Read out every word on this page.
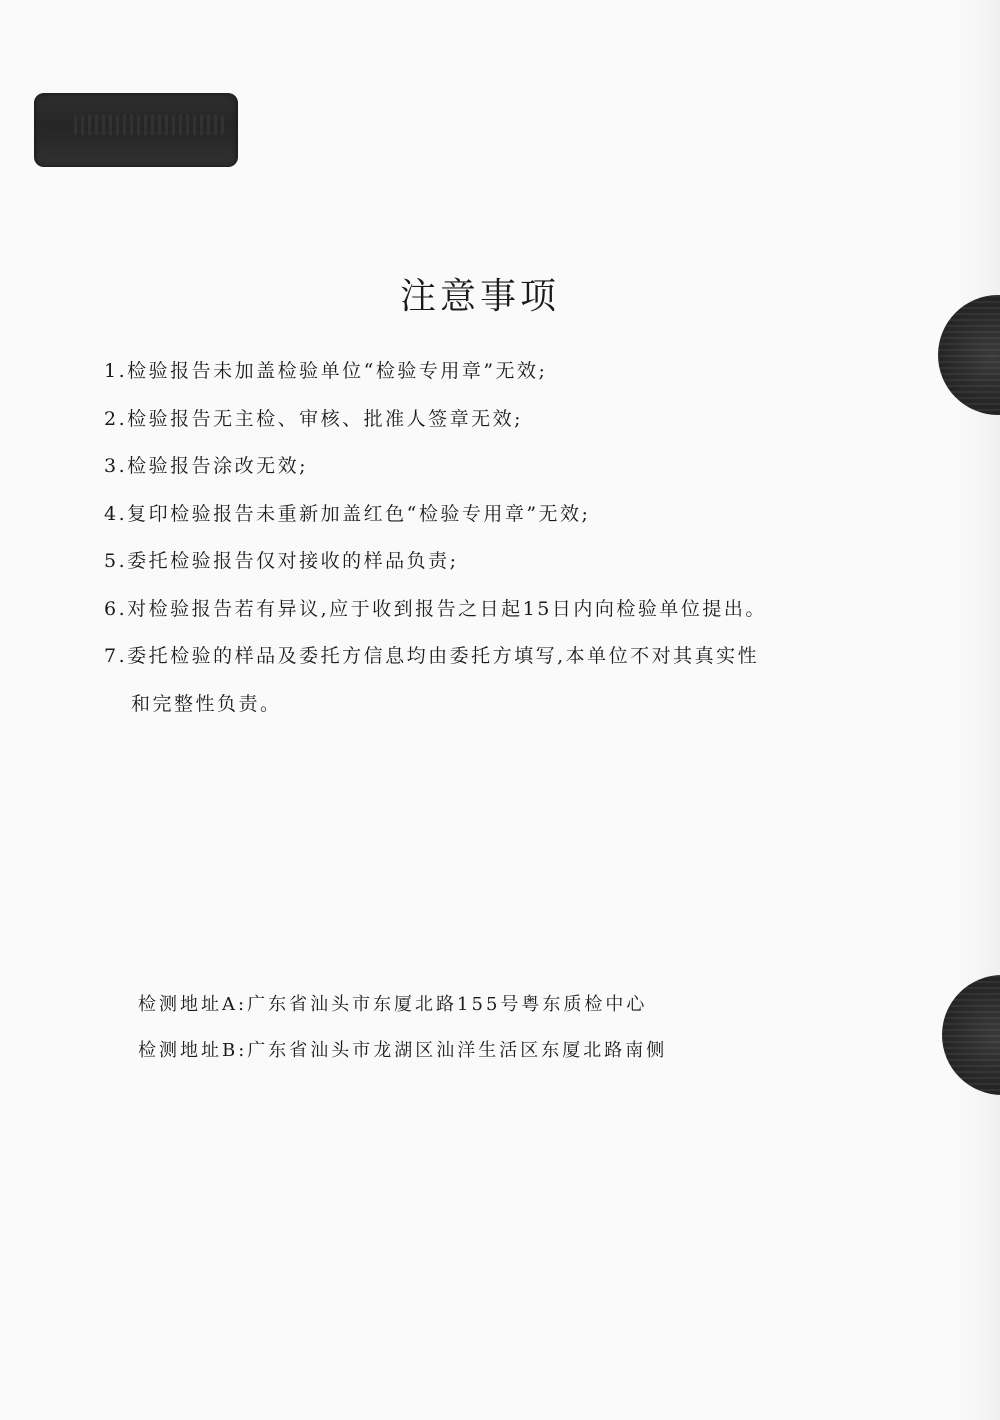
注意事项
1.检验报告未加盖检验单位“检验专用章”无效;
2.检验报告无主检、审核、批准人签章无效;
3.检验报告涂改无效;
4.复印检验报告未重新加盖红色“检验专用章”无效;
5.委托检验报告仅对接收的样品负责;
6.对检验报告若有异议,应于收到报告之日起15日内向检验单位提出。
7.委托检验的样品及委托方信息均由委托方填写,本单位不对其真实性
和完整性负责。
检测地址A:广东省汕头市东厦北路155号粤东质检中心
检测地址B:广东省汕头市龙湖区汕洋生活区东厦北路南侧
